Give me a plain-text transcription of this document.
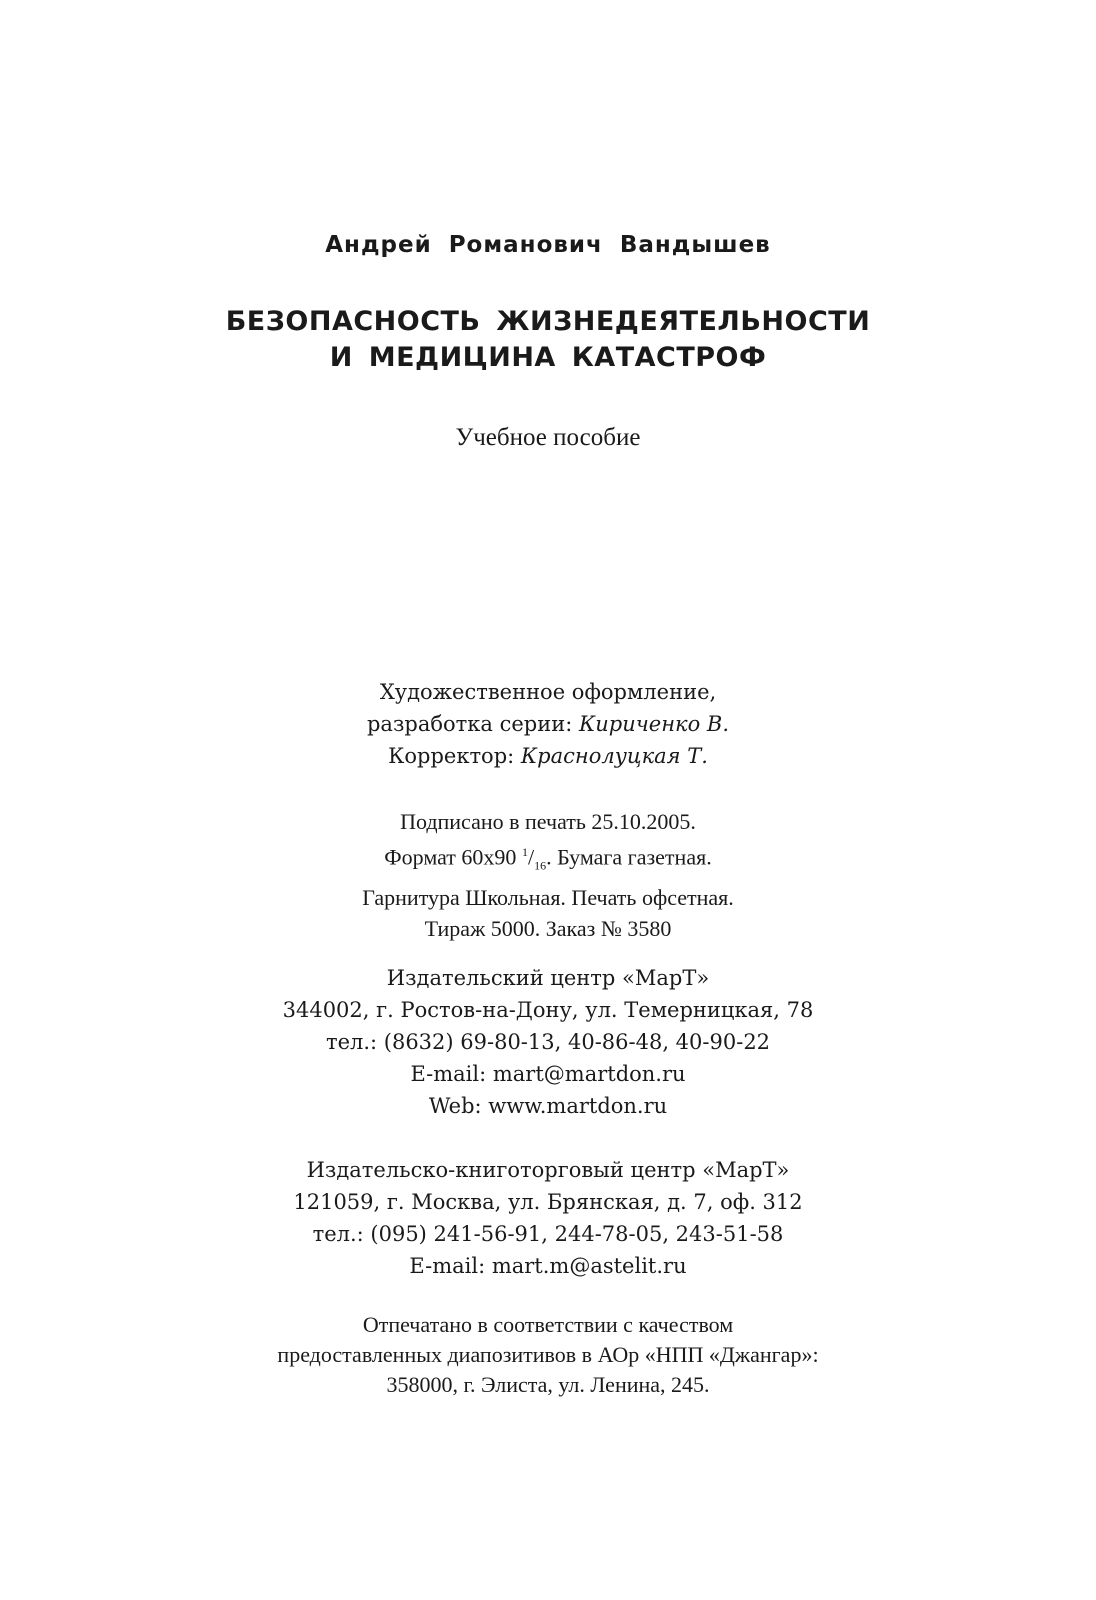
Андрей Романович Вандышев
БЕЗОПАСНОСТЬ ЖИЗНЕДЕЯТЕЛЬНОСТИ
И МЕДИЦИНА КАТАСТРОФ
Учебное пособие
Художественное оформление,
разработка серии: Кириченко В.
Корректор: Краснолуцкая Т.
Подписано в печать 25.10.2005.
Формат 60x90 $^1/_{16}$. Бумага газетная.
Гарнитура Школьная. Печать офсетная.
Тираж 5000. Заказ № 3580
Издательский центр «МарТ»
344002, г. Ростов-на-Дону, ул. Темерницкая, 78
тел.: (8632) 69-80-13, 40-86-48, 40-90-22
E-mail: mart@martdon.ru
Web: www.martdon.ru
Издательско-книготорговый центр «МарТ»
121059, г. Москва, ул. Брянская, д. 7, оф. 312
тел.: (095) 241-56-91, 244-78-05, 243-51-58
E-mail: mart.m@astelit.ru
Отпечатано в соответствии с качеством
предоставленных диапозитивов в АОр «НПП «Джангар»:
358000, г. Элиста, ул. Ленина, 245.
